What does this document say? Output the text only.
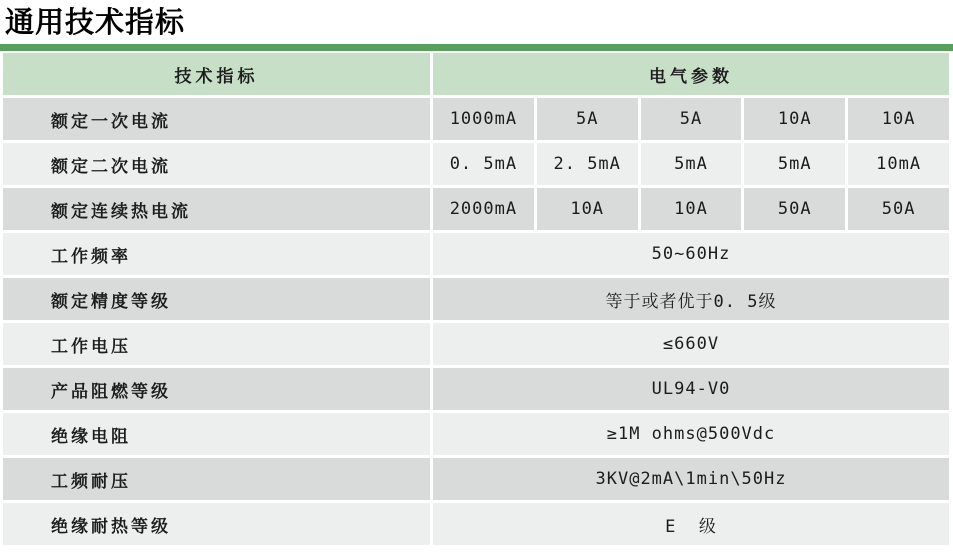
通用技术指标
技术指标	电气参数
额定一次电流	1000mA	5A	5A	10A	10A
额定二次电流	0. 5mA	2. 5mA	5mA	5mA	10mA
额定连续热电流	2000mA	10A	10A	50A	50A
工作频率	50~60Hz
额定精度等级	等于或者优于0. 5级
工作电压	≤660V
产品阻燃等级	UL94-V0
绝缘电阻	≥1M ohms@500Vdc
工频耐压	3KV@2mA\1min\50Hz
绝缘耐热等级	E  级
